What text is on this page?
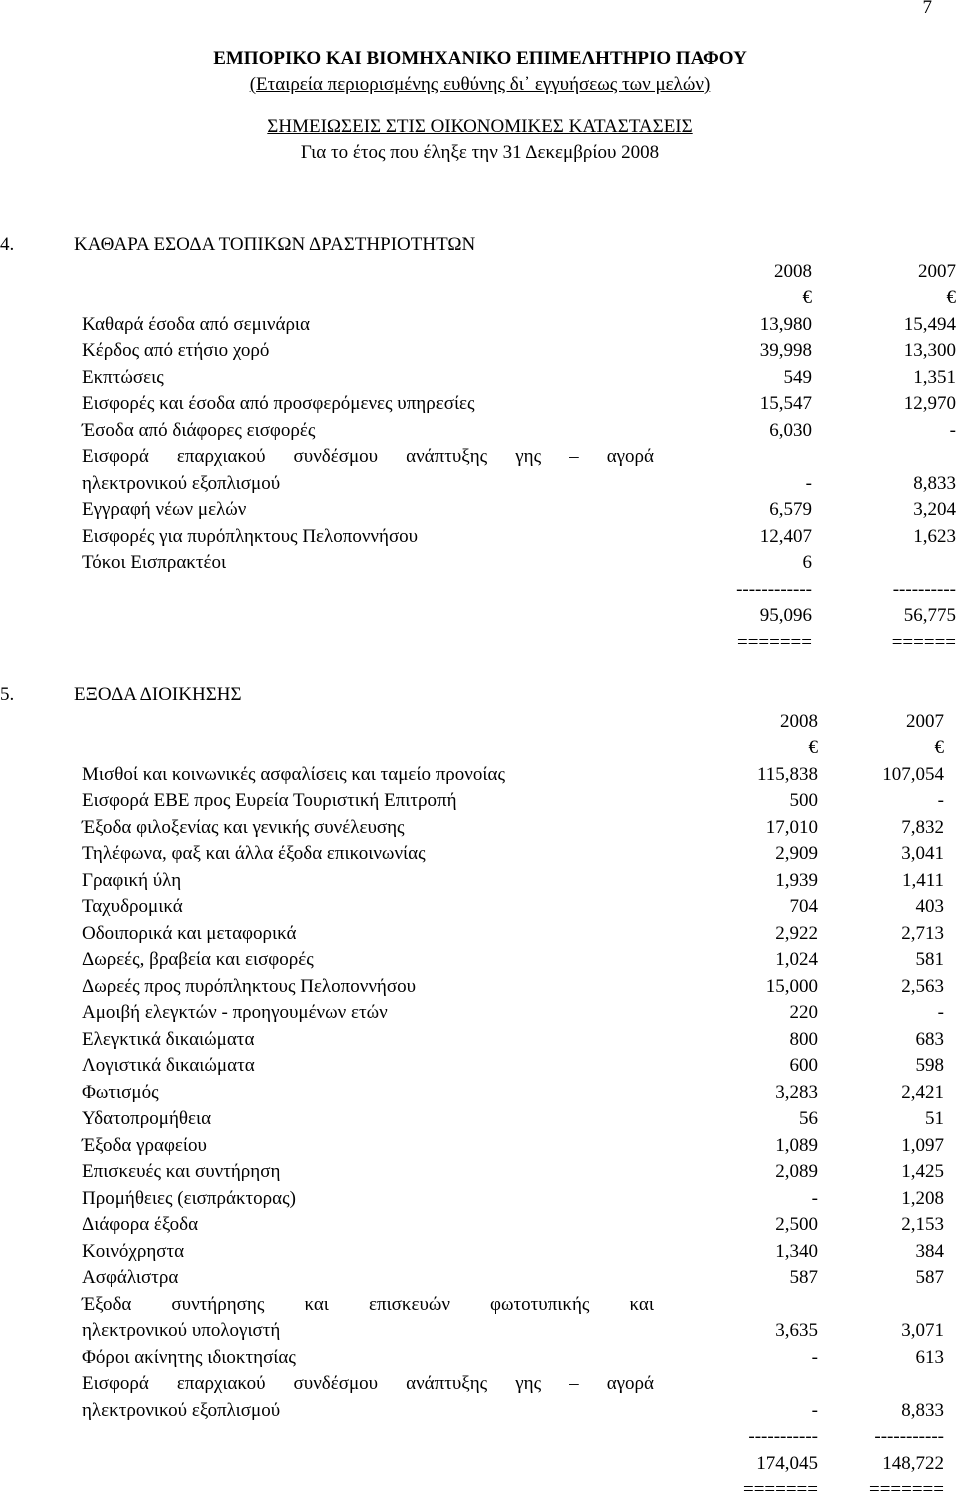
7
ΕΜΠΟΡΙΚΟ ΚΑΙ ΒΙΟΜΗΧΑΝΙΚΟ ΕΠΙΜΕΛΗΤΗΡΙΟ ΠΑΦΟΥ
(Εταιρεία περιορισμένης ευθύνης δι᾽ εγγυήσεως των μελών)
ΣΗΜΕΙΩΣΕΙΣ ΣΤΙΣ ΟΙΚΟΝΟΜΙΚΕΣ ΚΑΤΑΣΤΑΣΕΙΣ
Για το έτος που έληξε την 31 Δεκεμβρίου 2008
4.	ΚΑΘΑΡΑ ΕΣΟΔΑ ΤΟΠΙΚΩΝ ΔΡΑΣΤΗΡΙΟΤΗΤΩΝ
2008	2007
€	€
Καθαρά έσοδα από σεμινάρια	13,980	15,494
Κέρδος από ετήσιο χορό	39,998	13,300
Εκπτώσεις	549	1,351
Εισφορές και έσοδα από προσφερόμενες υπηρεσίες	15,547	12,970
Έσοδα από διάφορες εισφορές	6,030	-
Εισφορά επαρχιακού συνδέσμου ανάπτυξης γης – αγορά
ηλεκτρονικού εξοπλισμού	-	8,833
Εγγραφή νέων μελών	6,579	3,204
Εισφορές για πυρόπληκτους Πελοποννήσου	12,407	1,623
Τόκοι Εισπρακτέοι	6
------------	----------
95,096	56,775
=======	======
5.	ΕΞΟΔΑ ΔΙΟΙΚΗΣΗΣ
2008	2007
€	€
Μισθοί και κοινωνικές ασφαλίσεις και ταμείο προνοίας	115,838	107,054
Εισφορά ΕΒΕ προς Ευρεία Τουριστική Επιτροπή	500	-
Έξοδα φιλοξενίας και γενικής συνέλευσης	17,010	7,832
Τηλέφωνα, φαξ και άλλα έξοδα επικοινωνίας	2,909	3,041
Γραφική ύλη	1,939	1,411
Ταχυδρομικά	704	403
Οδοιπορικά και μεταφορικά	2,922	2,713
Δωρεές, βραβεία και εισφορές	1,024	581
Δωρεές προς πυρόπληκτους Πελοποννήσου	15,000	2,563
Αμοιβή ελεγκτών - προηγουμένων ετών	220	-
Ελεγκτικά δικαιώματα	800	683
Λογιστικά δικαιώματα	600	598
Φωτισμός	3,283	2,421
Υδατοπρομήθεια	56	51
Έξοδα γραφείου	1,089	1,097
Επισκευές και συντήρηση	2,089	1,425
Προμήθειες (εισπράκτορας)	-	1,208
Διάφορα έξοδα	2,500	2,153
Κοινόχρηστα	1,340	384
Ασφάλιστρα	587	587
Έξοδα συντήρησης και επισκευών φωτοτυπικής και
ηλεκτρονικού υπολογιστή	3,635	3,071
Φόροι ακίνητης ιδιοκτησίας	-	613
Εισφορά επαρχιακού συνδέσμου ανάπτυξης γης – αγορά
ηλεκτρονικού εξοπλισμού	-	8,833
-----------	-----------
174,045	148,722
=======	=======
